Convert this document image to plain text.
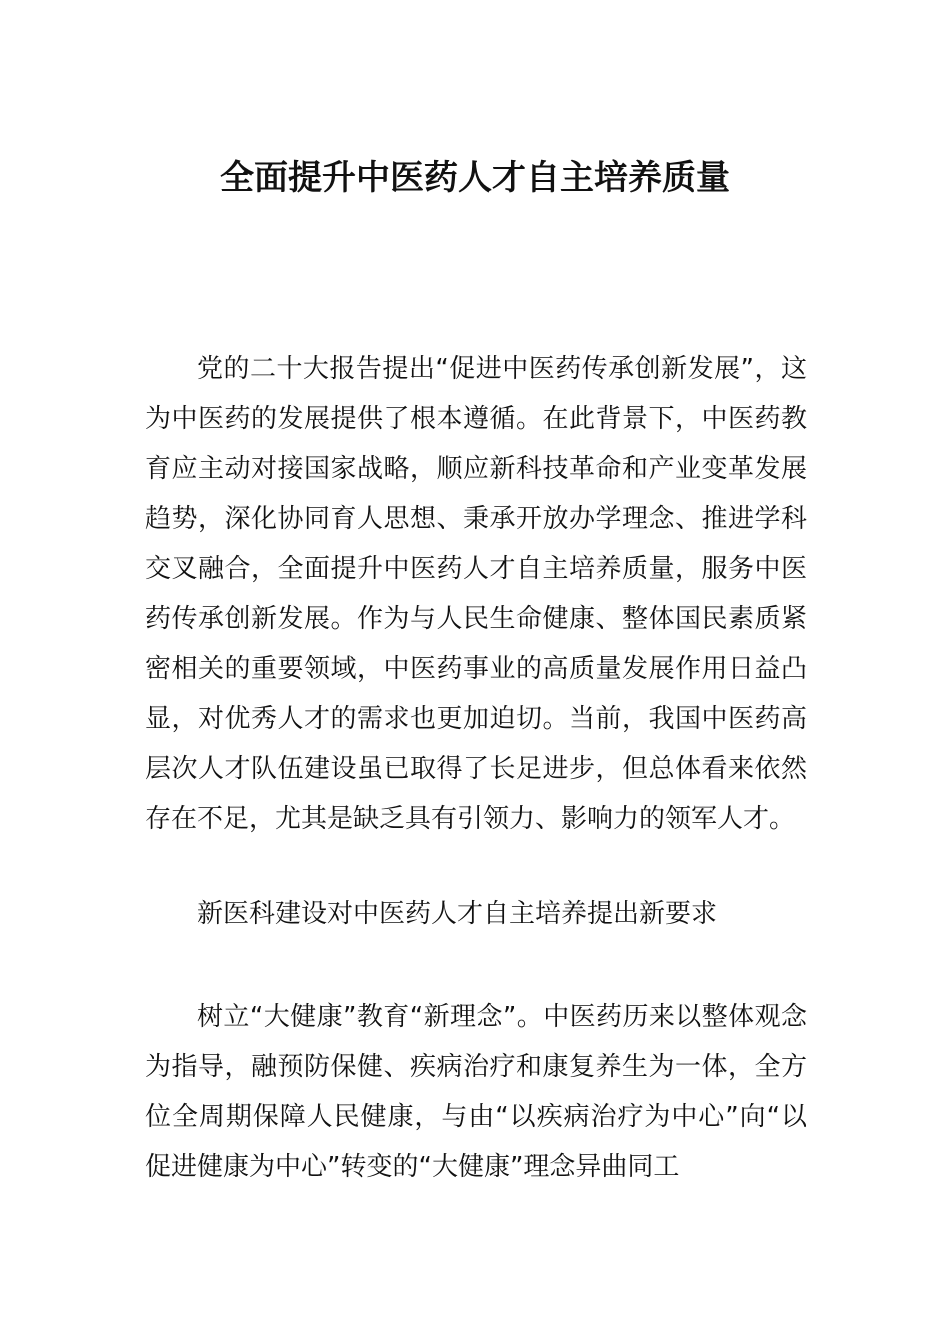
全面提升中医药人才自主培养质量

党的二十大报告提出“促进中医药传承创新发展”，这为中医药的发展提供了根本遵循。在此背景下，中医药教育应主动对接国家战略，顺应新科技革命和产业变革发展趋势，深化协同育人思想、秉承开放办学理念、推进学科交叉融合，全面提升中医药人才自主培养质量，服务中医药传承创新发展。作为与人民生命健康、整体国民素质紧密相关的重要领域，中医药事业的高质量发展作用日益凸显，对优秀人才的需求也更加迫切。当前，我国中医药高层次人才队伍建设虽已取得了长足进步，但总体看来依然存在不足，尤其是缺乏具有引领力、影响力的领军人才。

新医科建设对中医药人才自主培养提出新要求

树立“大健康”教育“新理念”。中医药历来以整体观念为指导，融预防保健、疾病治疗和康复养生为一体，全方位全周期保障人民健康，与由“以疾病治疗为中心”向“以促进健康为中心”转变的“大健康”理念异曲同工
